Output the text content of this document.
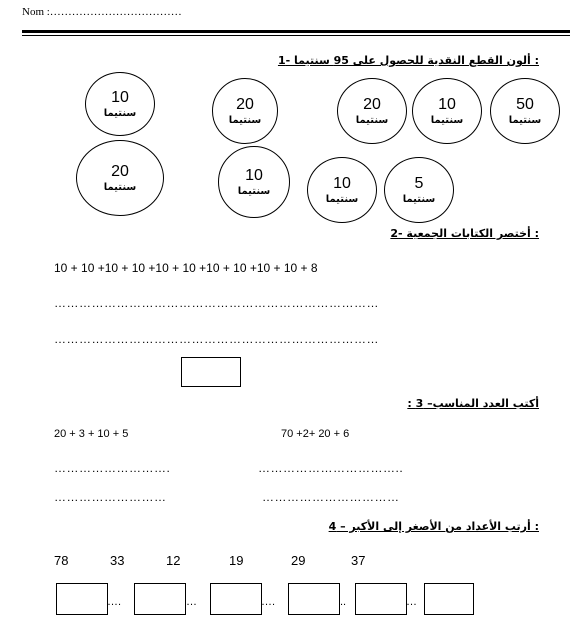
Nom :………………………………
: ألون القطع النقدية للحصول على 95 سنتيما -1
10
سنتيما
20
سنتيما
20
سنتيما
10
سنتيما
50
سنتيما
20
سنتيما
10
سنتيما	10
سنتيما
5
سنتيما
: أختصر الكتابات الجمعية -2
10 + 10 +10 + 10 +10 + 10 +10 + 10 +10 + 10 + 8
……………………………………………………………………
……………………………………………………………………
أكتب العدد المناسب– 3 :
20 + 3 + 10 + 5	70 +2+ 20 + 6
……………………….
………………………
……………………………..
……………………………
: أرتب الأعداد من الأصغر إلى الأكبر – 4
78	33	12	19	29	37
….	…	….	..	…
